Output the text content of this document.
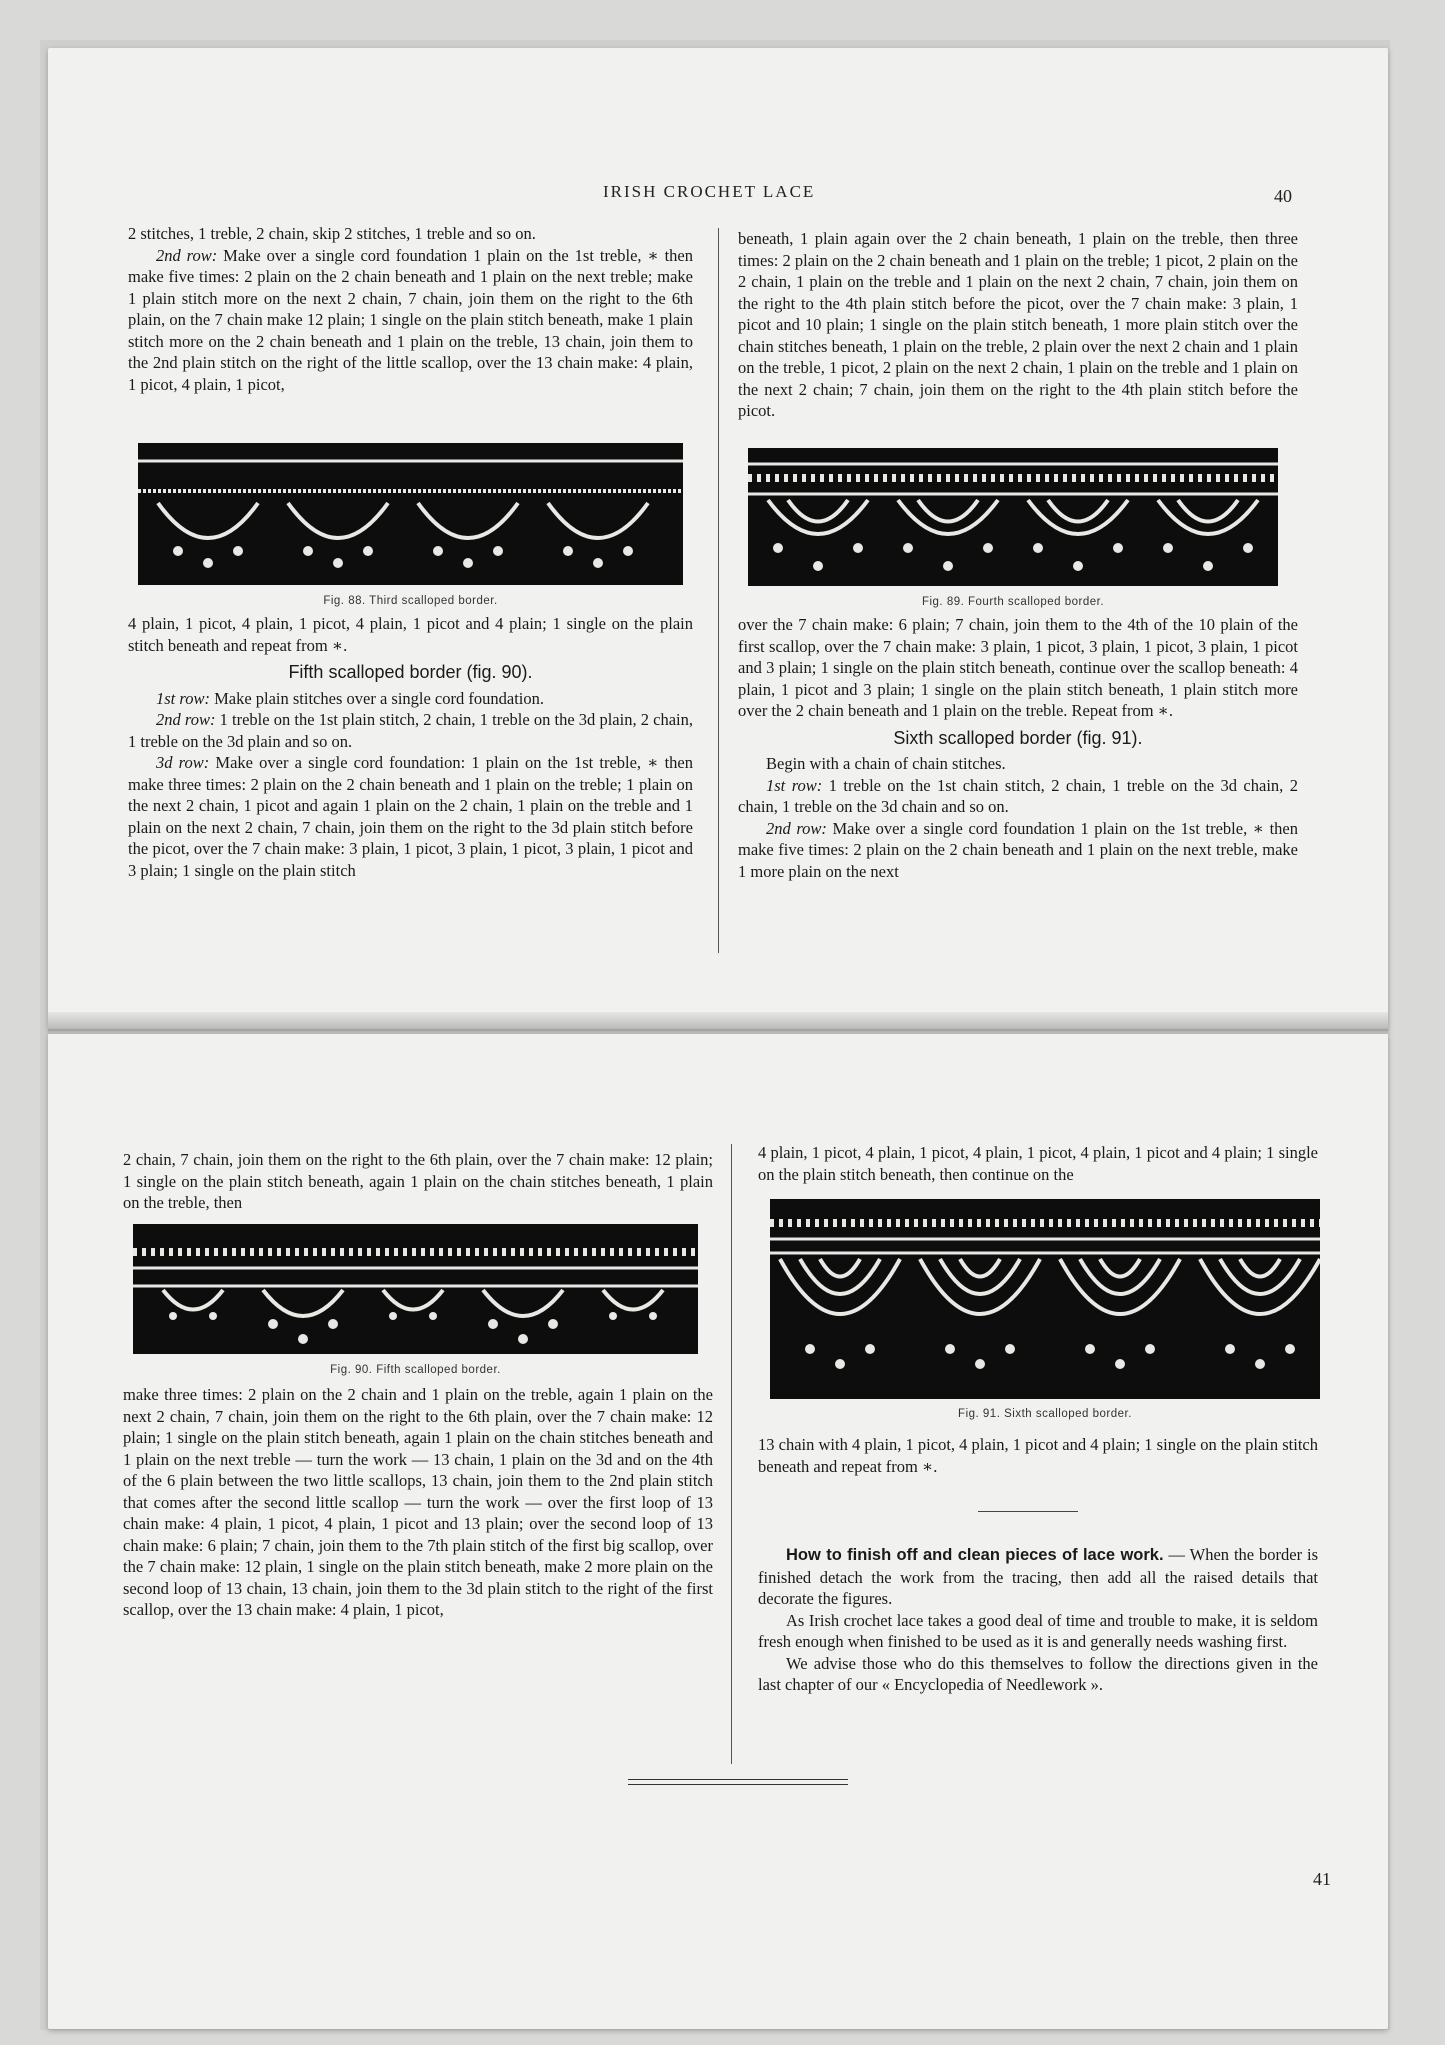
IRISH CROCHET LACE	40

2 stitches, 1 treble, 2 chain, skip 2 stitches, 1 treble and so on.

2nd row: Make over a single cord foundation 1 plain on the 1st treble, ∗ then make five times: 2 plain on the 2 chain beneath and 1 plain on the next treble; make 1 plain stitch more on the next 2 chain, 7 chain, join them on the right to the 6th plain, on the 7 chain make 12 plain; 1 single on the plain stitch beneath, make 1 plain stitch more on the 2 chain beneath and 1 plain on the treble, 13 chain, join them to the 2nd plain stitch on the right of the little scallop, over the 13 chain make: 4 plain, 1 picot, 4 plain, 1 picot,

Fig. 88. Third scalloped border.

4 plain, 1 picot, 4 plain, 1 picot, 4 plain, 1 picot and 4 plain; 1 single on the plain stitch beneath and repeat from ∗.

Fifth scalloped border (fig. 90).

1st row: Make plain stitches over a single cord foundation.

2nd row: 1 treble on the 1st plain stitch, 2 chain, 1 treble on the 3d plain, 2 chain, 1 treble on the 3d plain and so on.

3d row: Make over a single cord foundation: 1 plain on the 1st treble, ∗ then make three times: 2 plain on the 2 chain beneath and 1 plain on the treble; 1 plain on the next 2 chain, 1 picot and again 1 plain on the 2 chain, 1 plain on the treble and 1 plain on the next 2 chain, 7 chain, join them on the right to the 3d plain stitch before the picot, over the 7 chain make: 3 plain, 1 picot, 3 plain, 1 picot, 3 plain, 1 picot and 3 plain; 1 single on the plain stitch

beneath, 1 plain again over the 2 chain beneath, 1 plain on the treble, then three times: 2 plain on the 2 chain beneath and 1 plain on the treble; 1 picot, 2 plain on the 2 chain, 1 plain on the treble and 1 plain on the next 2 chain, 7 chain, join them on the right to the 4th plain stitch before the picot, over the 7 chain make: 3 plain, 1 picot and 10 plain; 1 single on the plain stitch beneath, 1 more plain stitch over the chain stitches beneath, 1 plain on the treble, 2 plain over the next 2 chain and 1 plain on the treble, 1 picot, 2 plain on the next 2 chain, 1 plain on the treble and 1 plain on the next 2 chain; 7 chain, join them on the right to the 4th plain stitch before the picot.

Fig. 89. Fourth scalloped border.

over the 7 chain make: 6 plain; 7 chain, join them to the 4th of the 10 plain of the first scallop, over the 7 chain make: 3 plain, 1 picot, 3 plain, 1 picot, 3 plain, 1 picot and 3 plain; 1 single on the plain stitch beneath, continue over the scallop beneath: 4 plain, 1 picot and 3 plain; 1 single on the plain stitch beneath, 1 plain stitch more over the 2 chain beneath and 1 plain on the treble. Repeat from ∗.

Sixth scalloped border (fig. 91).

Begin with a chain of chain stitches.

1st row: 1 treble on the 1st chain stitch, 2 chain, 1 treble on the 3d chain, 2 chain, 1 treble on the 3d chain and so on.

2nd row: Make over a single cord foundation 1 plain on the 1st treble, ∗ then make five times: 2 plain on the 2 chain beneath and 1 plain on the next treble, make 1 more plain on the next

2 chain, 7 chain, join them on the right to the 6th plain, over the 7 chain make: 12 plain; 1 single on the plain stitch beneath, again 1 plain on the chain stitches beneath, 1 plain on the treble, then

Fig. 90. Fifth scalloped border.

make three times: 2 plain on the 2 chain and 1 plain on the treble, again 1 plain on the next 2 chain, 7 chain, join them on the right to the 6th plain, over the 7 chain make: 12 plain; 1 single on the plain stitch beneath, again 1 plain on the chain stitches beneath and 1 plain on the next treble — turn the work — 13 chain, 1 plain on the 3d and on the 4th of the 6 plain between the two little scallops, 13 chain, join them to the 2nd plain stitch that comes after the second little scallop — turn the work — over the first loop of 13 chain make: 4 plain, 1 picot, 4 plain, 1 picot and 13 plain; over the second loop of 13 chain make: 6 plain; 7 chain, join them to the 7th plain stitch of the first big scallop, over the 7 chain make: 12 plain, 1 single on the plain stitch beneath, make 2 more plain on the second loop of 13 chain, 13 chain, join them to the 3d plain stitch to the right of the first scallop, over the 13 chain make: 4 plain, 1 picot,

4 plain, 1 picot, 4 plain, 1 picot, 4 plain, 1 picot, 4 plain, 1 picot and 4 plain; 1 single on the plain stitch beneath, then continue on the

Fig. 91. Sixth scalloped border.

13 chain with 4 plain, 1 picot, 4 plain, 1 picot and 4 plain; 1 single on the plain stitch beneath and repeat from ∗.

How to finish off and clean pieces of lace work. — When the border is finished detach the work from the tracing, then add all the raised details that decorate the figures.

As Irish crochet lace takes a good deal of time and trouble to make, it is seldom fresh enough when finished to be used as it is and generally needs washing first.

We advise those who do this themselves to follow the directions given in the last chapter of our « Encyclopedia of Needlework ».

41
